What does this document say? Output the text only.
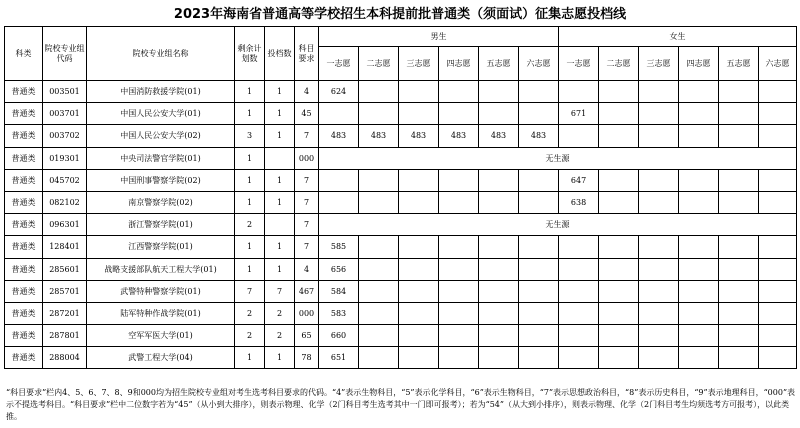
2023年海南省普通高等学校招生本科提前批普通类（须面试）征集志愿投档线
科类	院校专业组代码	院校专业组名称	剩余计划数	投档数	科目要求	男生						女生					
						一志愿	二志愿	三志愿	四志愿	五志愿	六志愿	一志愿	二志愿	三志愿	四志愿	五志愿	六志愿
普通类	003501	中国消防救援学院(01)	1	1	4	624											
普通类	003701	中国人民公安大学(01)	1	1	45							671					
普通类	003702	中国人民公安大学(02)	3	1	7	483	483	483	483	483	483						
普通类	019301	中央司法警官学院(01)	1		000	无生源											
普通类	045702	中国刑事警察学院(02)	1	1	7							647					
普通类	082102	南京警察学院(02)	1	1	7							638					
普通类	096301	浙江警察学院(01)	2		7	无生源											
普通类	128401	江西警察学院(01)	1	1	7	585											
普通类	285601	战略支援部队航天工程大学(01)	1	1	4	656											
普通类	285701	武警特种警察学院(01)	7	7	467	584											
普通类	287201	陆军特种作战学院(01)	2	2	000	583											
普通类	287801	空军军医大学(01)	2	2	65	660											
普通类	288004	武警工程大学(04)	1	1	78	651											
“科目要求”栏内4、5、6、7、8、9和000均为招生院校专业组对考生选考科目要求的代码。“4”表示生物科目，“5”表示化学科目，“6”表示生物科目，“7”表示思想政治科目，“8”表示历史科目，“9”表示地理科目，“000”表示不提选考科目。“科目要求”栏中二位数字若为“45”（从小到大排序），则表示物理、化学（2门科目考生选考其中一门即可报考）；若为“54”（从大到小排序），则表示物理、化学（2门科目考生均须选考方可报考），以此类推。
